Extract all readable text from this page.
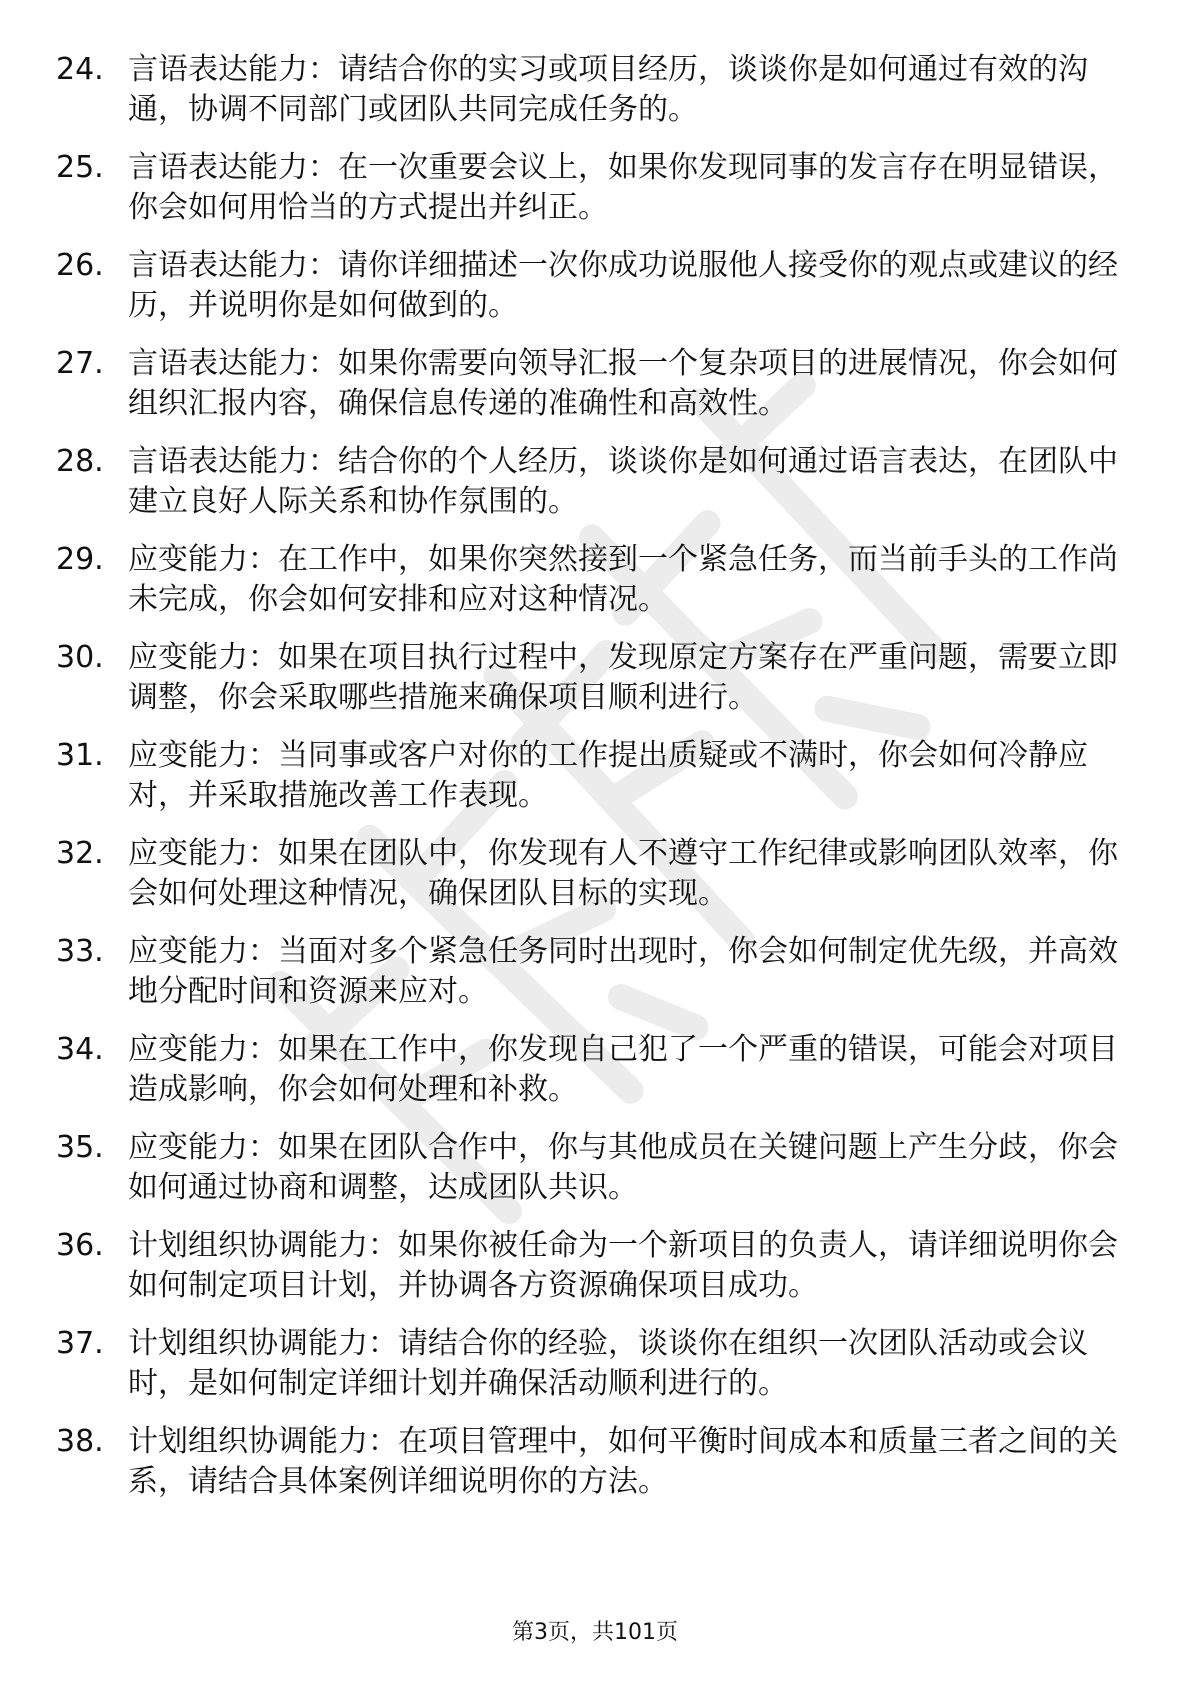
24. 言语表达能力：请结合你的实习或项目经历，谈谈你是如何通过有效的沟通，协调不同部门或团队共同完成任务的。
25. 言语表达能力：在一次重要会议上，如果你发现同事的发言存在明显错误，你会如何用恰当的方式提出并纠正。
26. 言语表达能力：请你详细描述一次你成功说服他人接受你的观点或建议的经历，并说明你是如何做到的。
27. 言语表达能力：如果你需要向领导汇报一个复杂项目的进展情况，你会如何组织汇报内容，确保信息传递的准确性和高效性。
28. 言语表达能力：结合你的个人经历，谈谈你是如何通过语言表达，在团队中建立良好人际关系和协作氛围的。
29. 应变能力：在工作中，如果你突然接到一个紧急任务，而当前手头的工作尚未完成，你会如何安排和应对这种情况。
30. 应变能力：如果在项目执行过程中，发现原定方案存在严重问题，需要立即调整，你会采取哪些措施来确保项目顺利进行。
31. 应变能力：当同事或客户对你的工作提出质疑或不满时，你会如何冷静应对，并采取措施改善工作表现。
32. 应变能力：如果在团队中，你发现有人不遵守工作纪律或影响团队效率，你会如何处理这种情况，确保团队目标的实现。
33. 应变能力：当面对多个紧急任务同时出现时，你会如何制定优先级，并高效地分配时间和资源来应对。
34. 应变能力：如果在工作中，你发现自己犯了一个严重的错误，可能会对项目造成影响，你会如何处理和补救。
35. 应变能力：如果在团队合作中，你与其他成员在关键问题上产生分歧，你会如何通过协商和调整，达成团队共识。
36. 计划组织协调能力：如果你被任命为一个新项目的负责人，请详细说明你会如何制定项目计划，并协调各方资源确保项目成功。
37. 计划组织协调能力：请结合你的经验，谈谈你在组织一次团队活动或会议时，是如何制定详细计划并确保活动顺利进行的。
38. 计划组织协调能力：在项目管理中，如何平衡时间成本和质量三者之间的关系，请结合具体案例详细说明你的方法。
第3页，共101页
